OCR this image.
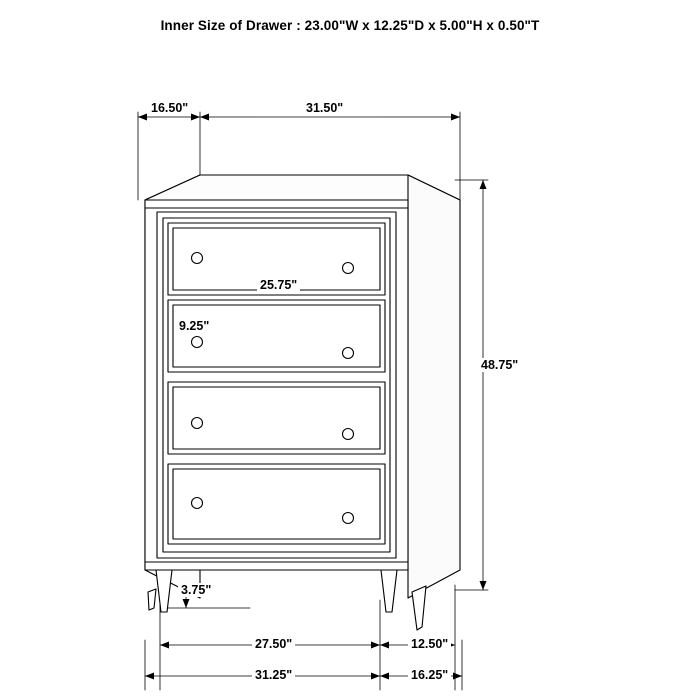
Inner Size of Drawer : 23.00"W x 12.25"D x 5.00"H x 0.50"T
16.50"	31.50"
25.75"
9.25"
48.75"
3.75"
27.50"	12.50"
31.25"	16.25"
